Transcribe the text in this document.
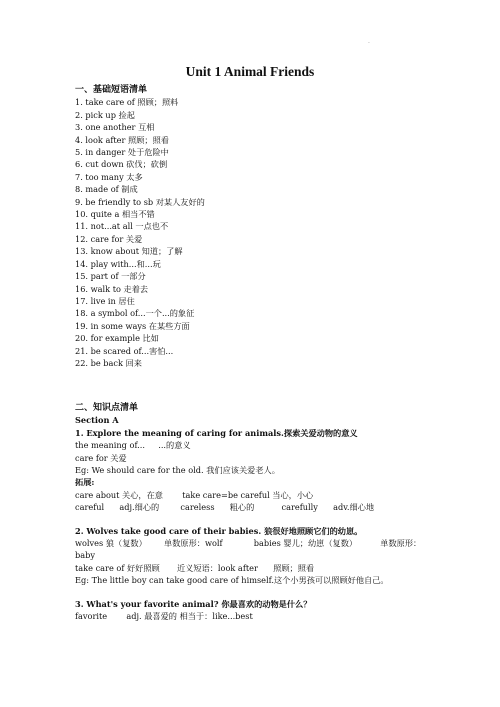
.
Unit 1 Animal Friends
一、基础短语清单
1. take care of 照顾；照料
2. pick up 捡起
3. one another 互相
4. look after 照顾；照看
5. in danger 处于危险中
6. cut down 砍伐；砍倒
7. too many 太多
8. made of 制成
9. be friendly to sb 对某人友好的
10. quite a 相当不错
11. not...at all 一点也不
12. care for 关爱
13. know about 知道；了解
14. play with...和...玩
15. part of 一部分
16. walk to 走着去
17. live in 居住
18. a symbol of...一个...的象征
19. in some ways 在某些方面
20. for example 比如
21. be scared of...害怕...
22. be back 回来
二、知识点清单
Section A
1. Explore the meaning of caring for animals.探索关爱动物的意义
the meaning of... ...的意义
care for 关爱
Eg: We should care for the old. 我们应该关爱老人。
拓展:
care about 关心，在意 take care=be careful 当心，小心
careful adj.细心的	careless 粗心的	carefully adv.细心地
2. Wolves take good care of their babies. 狼很好地照顾它们的幼崽。
wolves 狼（复数） 单数原形：wolf	babies 婴儿；幼崽（复数）	单数原形：
baby
take care of 好好照顾 近义短语：look after 照顾；照看
Eg: The little boy can take good care of himself.这个小男孩可以照顾好他自己。
3. What's your favorite animal? 你最喜欢的动物是什么？
favorite adj. 最喜爱的 相当于：like...best
